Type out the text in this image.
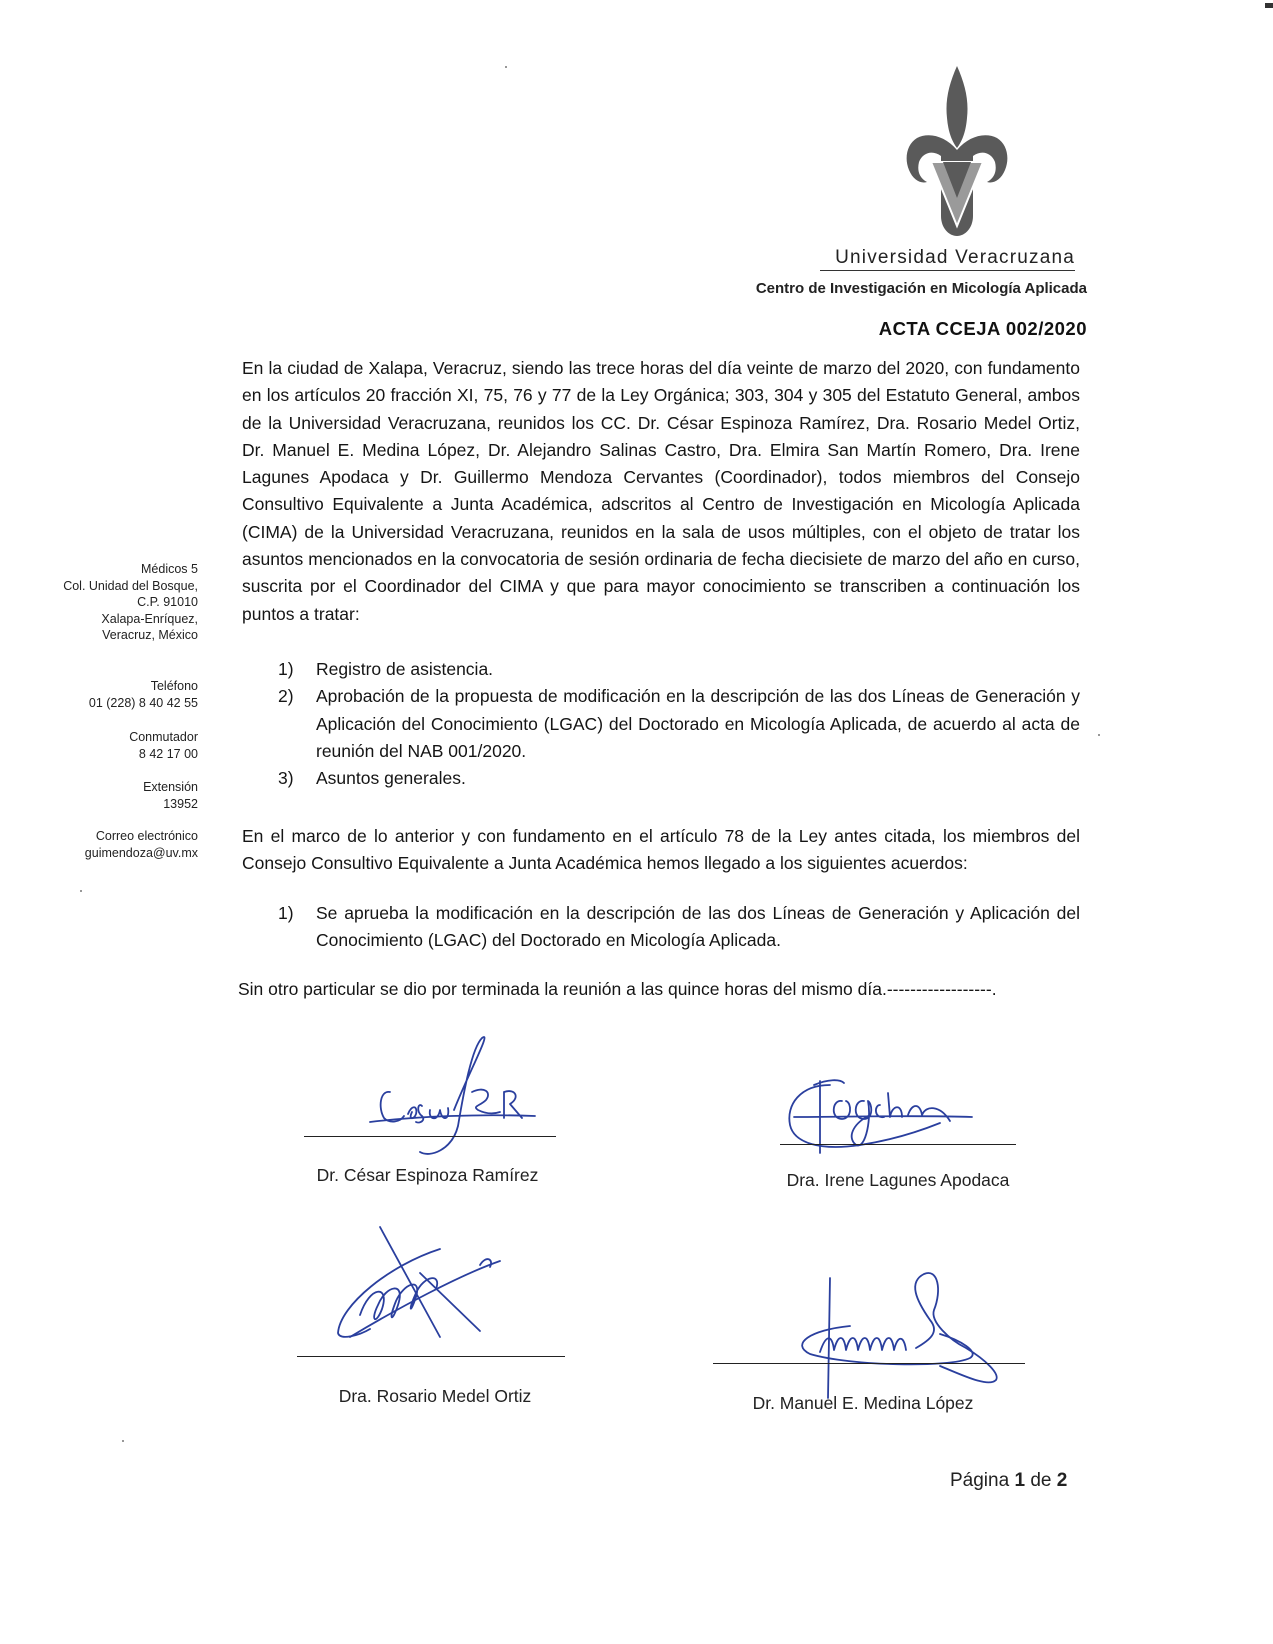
Universidad Veracruzana
Centro de Investigación en Micología Aplicada
ACTA CCEJA 002/2020
Médicos 5
Col. Unidad del Bosque,
C.P. 91010
Xalapa-Enríquez,
Veracruz, México
Teléfono
01 (228) 8 40 42 55
Conmutador
8 42 17 00
Extensión
13952
Correo electrónico
guimendoza@uv.mx
En la ciudad de Xalapa, Veracruz, siendo las trece horas del día veinte de marzo del 2020, con fundamento en los artículos 20 fracción XI, 75, 76 y 77 de la Ley Orgánica; 303, 304 y 305 del Estatuto General, ambos de la Universidad Veracruzana, reunidos los CC. Dr. César Espinoza Ramírez, Dra. Rosario Medel Ortiz, Dr. Manuel E. Medina López, Dr. Alejandro Salinas Castro, Dra. Elmira San Martín Romero, Dra. Irene Lagunes Apodaca y Dr. Guillermo Mendoza Cervantes (Coordinador), todos miembros del Consejo Consultivo Equivalente a Junta Académica, adscritos al Centro de Investigación en Micología Aplicada (CIMA) de la Universidad Veracruzana, reunidos en la sala de usos múltiples, con el objeto de tratar los asuntos mencionados en la convocatoria de sesión ordinaria de fecha diecisiete de marzo del año en curso, suscrita por el Coordinador del CIMA y que para mayor conocimiento se transcriben a continuación los puntos a tratar:
1) Registro de asistencia.
2) Aprobación de la propuesta de modificación en la descripción de las dos Líneas de Generación y Aplicación del Conocimiento (LGAC) del Doctorado en Micología Aplicada, de acuerdo al acta de reunión del NAB 001/2020.
3) Asuntos generales.
En el marco de lo anterior y con fundamento en el artículo 78 de la Ley antes citada, los miembros del Consejo Consultivo Equivalente a Junta Académica hemos llegado a los siguientes acuerdos:
1) Se aprueba la modificación en la descripción de las dos Líneas de Generación y Aplicación del Conocimiento (LGAC) del Doctorado en Micología Aplicada.
Sin otro particular se dio por terminada la reunión a las quince horas del mismo día.------------------.
Dr. César Espinoza Ramírez	Dra. Irene Lagunes Apodaca
Dra. Rosario Medel Ortiz	Dr. Manuel E. Medina López
Página 1 de 2
